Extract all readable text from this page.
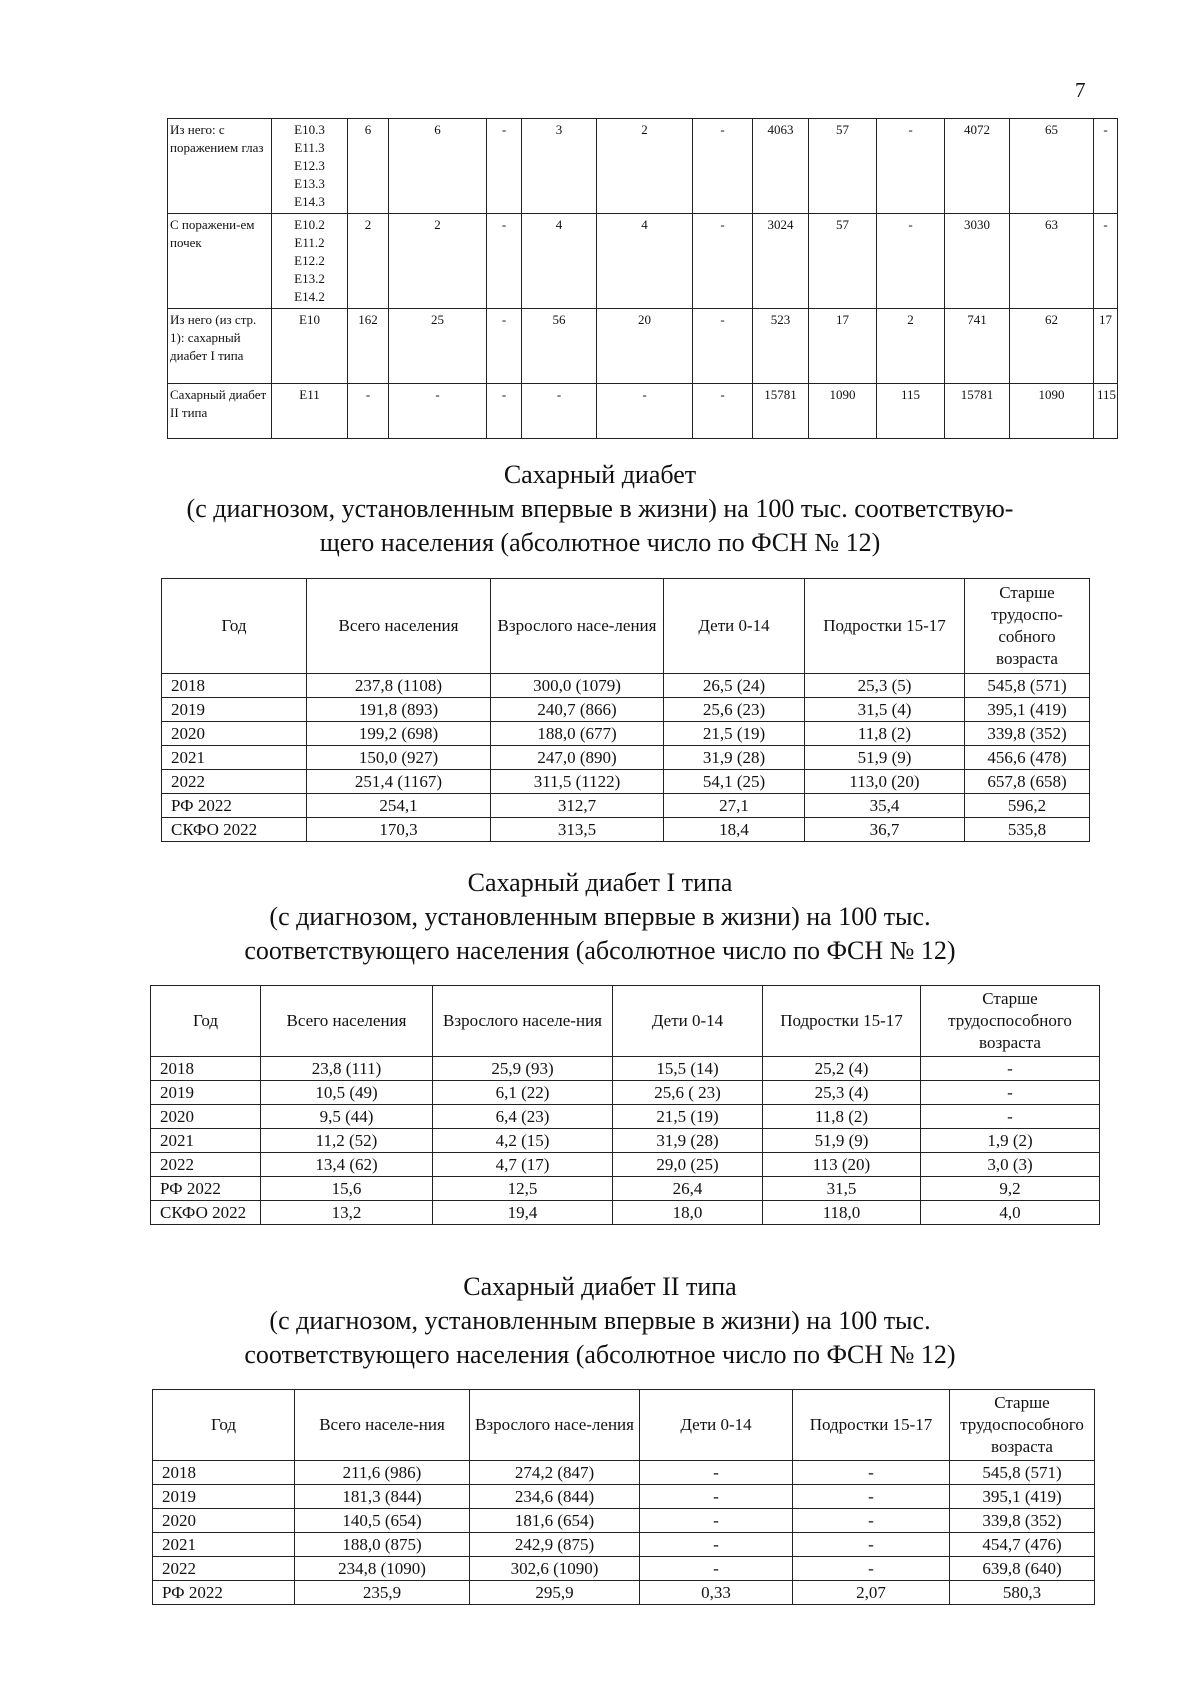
7
Из него: с поражением глаз	E10.3
E11.3
E12.3
E13.3
E14.3	6	6	-	3	2	-	4063	57	-	4072	65	-
С поражени-ем почек	E10.2
E11.2
E12.2
E13.2
E14.2	2	2	-	4	4	-	3024	57	-	3030	63	-
Из него (из стр. 1): сахарный диабет I типа	E10	162	25	-	56	20	-	523	17	2	741	62	17
Сахарный диабет II типа	E11	-	-	-	-	-	-	15781	1090	115	15781	1090	115
Сахарный диабет
(с диагнозом, установленным впервые в жизни) на 100 тыс. соответствую-
щего населения (абсолютное число по ФСН № 12)
Год	Всего населения	Взрослого насе-ления	Дети 0-14	Подростки 15-17	Старше трудоспо-собного возраста
2018	237,8 (1108)	300,0 (1079)	26,5 (24)	25,3 (5)	545,8 (571)
2019	191,8 (893)	240,7 (866)	25,6 (23)	31,5 (4)	395,1 (419)
2020	199,2 (698)	188,0 (677)	21,5 (19)	11,8 (2)	339,8 (352)
2021	150,0 (927)	247,0 (890)	31,9 (28)	51,9 (9)	456,6 (478)
2022	251,4 (1167)	311,5 (1122)	54,1 (25)	113,0 (20)	657,8 (658)
РФ 2022	254,1	312,7	27,1	35,4	596,2
СКФО 2022	170,3	313,5	18,4	36,7	535,8
Сахарный диабет I типа
(с диагнозом, установленным впервые в жизни) на 100 тыс.
соответствующего населения (абсолютное число по ФСН № 12)
Год	Всего населения	Взрослого населе-ния	Дети 0-14	Подростки 15-17	Старше трудоспособного возраста
2018	23,8 (111)	25,9 (93)	15,5 (14)	25,2 (4)	-
2019	10,5 (49)	6,1 (22)	25,6 ( 23)	25,3 (4)	-
2020	9,5 (44)	6,4 (23)	21,5 (19)	11,8 (2)	-
2021	11,2 (52)	4,2 (15)	31,9 (28)	51,9 (9)	1,9 (2)
2022	13,4 (62)	4,7 (17)	29,0 (25)	113 (20)	3,0 (3)
РФ 2022	15,6	12,5	26,4	31,5	9,2
СКФО 2022	13,2	19,4	18,0	118,0	4,0
Сахарный диабет II типа
(с диагнозом, установленным впервые в жизни) на 100 тыс.
соответствующего населения (абсолютное число по ФСН № 12)
Год	Всего населе-ния	Взрослого насе-ления	Дети 0-14	Подростки 15-17	Старше трудоспособного возраста
2018	211,6 (986)	274,2 (847)	-	-	545,8 (571)
2019	181,3 (844)	234,6 (844)	-	-	395,1 (419)
2020	140,5 (654)	181,6 (654)	-	-	339,8 (352)
2021	188,0 (875)	242,9 (875)	-	-	454,7 (476)
2022	234,8 (1090)	302,6 (1090)	-	-	639,8 (640)
РФ 2022	235,9	295,9	0,33	2,07	580,3
